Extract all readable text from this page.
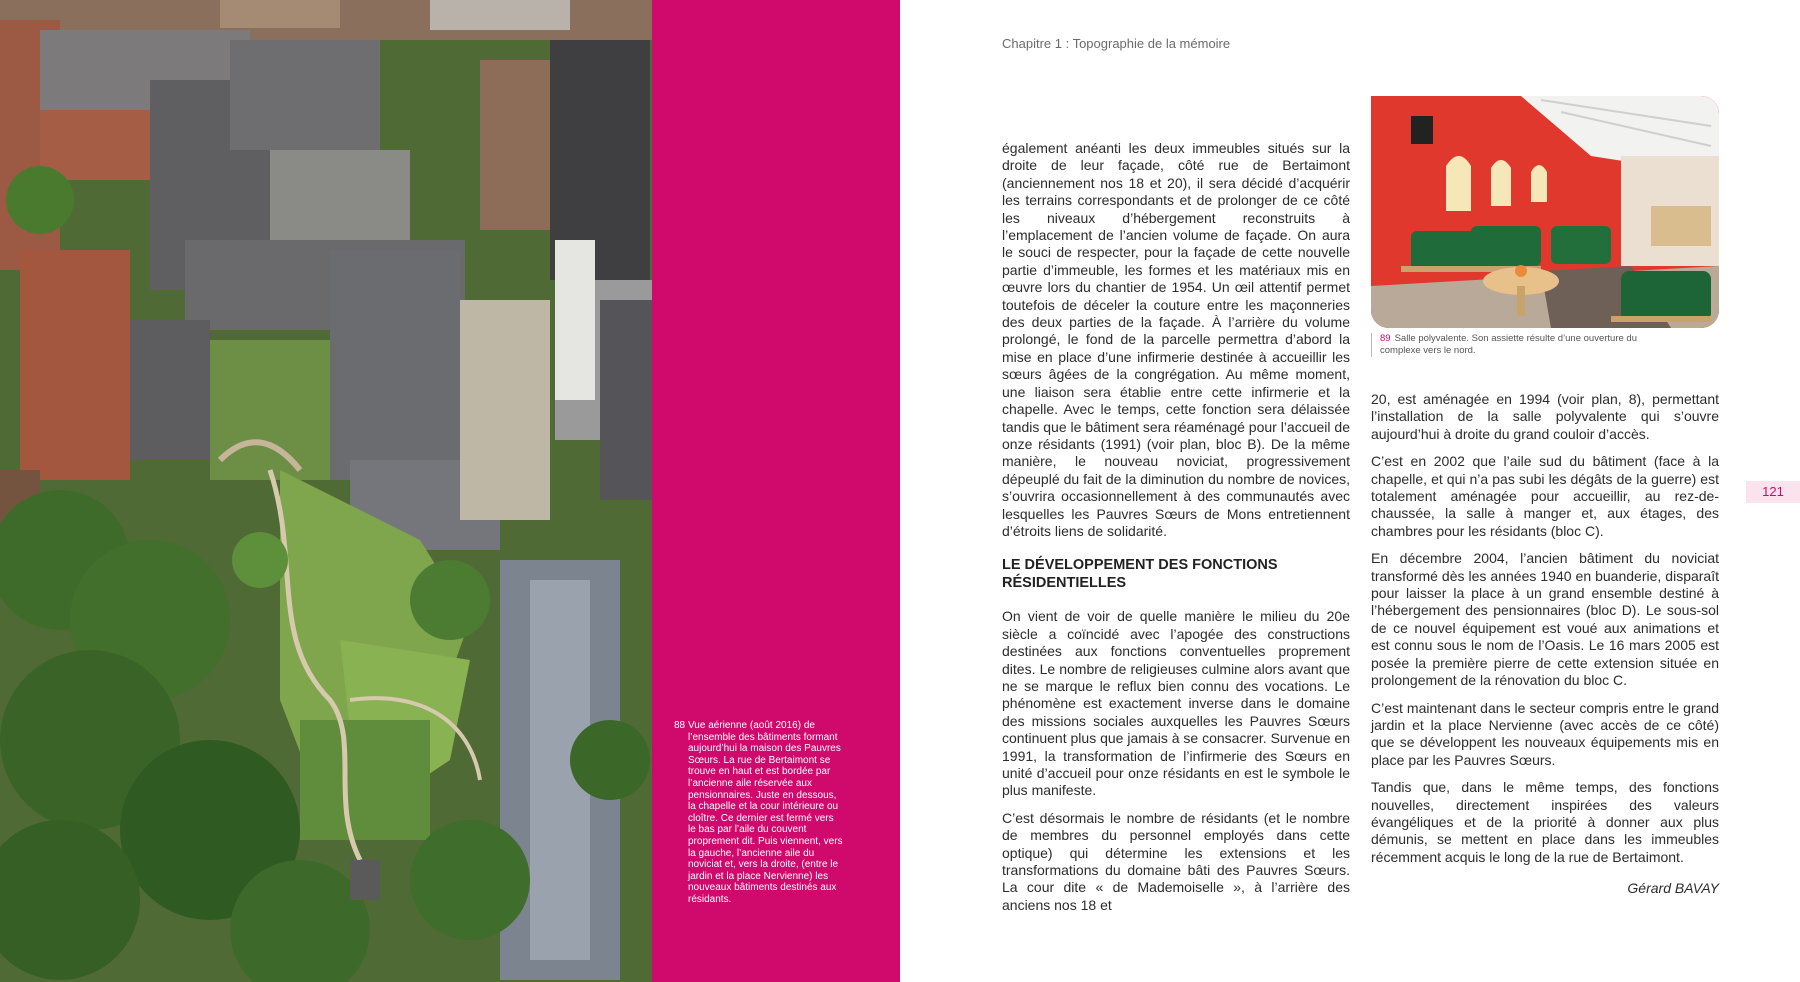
88 Vue aérienne (août 2016) de l’ensemble des bâtiments formant aujourd’hui la maison des Pauvres Sœurs. La rue de Bertaimont se trouve en haut et est bordée par l’ancienne aile réservée aux pensionnaires. Juste en dessous, la chapelle et la cour intérieure ou cloître. Ce dernier est fermé vers le bas par l’aile du couvent proprement dit. Puis viennent, vers la gauche, l’ancienne aile du noviciat et, vers la droite, (entre le jardin et la place Nervienne) les nouveaux bâtiments destinés aux résidants.
Chapitre 1 : Topographie de la mémoire

également anéanti les deux immeubles situés sur la droite de leur façade, côté rue de Bertaimont (anciennement nos 18 et 20), il sera décidé d’acquérir les terrains correspondants et de prolonger de ce côté les niveaux d’hébergement reconstruits à l’emplacement de l’ancien volume de façade. On aura le souci de respecter, pour la façade de cette nouvelle partie d’immeuble, les formes et les matériaux mis en œuvre lors du chantier de 1954. Un œil attentif permet toutefois de déceler la couture entre les maçonneries des deux parties de la façade. À l’arrière du volume prolongé, le fond de la parcelle permettra d’abord la mise en place d’une infirmerie destinée à accueillir les sœurs âgées de la congrégation. Au même moment, une liaison sera établie entre cette infirmerie et la chapelle. Avec le temps, cette fonction sera délaissée tandis que le bâtiment sera réaménagé pour l’accueil de onze résidants (1991) (voir plan, bloc B). De la même manière, le nouveau noviciat, progressivement dépeuplé du fait de la diminution du nombre de novices, s’ouvrira occasionnellement à des communautés avec lesquelles les Pauvres Sœurs de Mons entretiennent d’étroits liens de solidarité.

LE DÉVELOPPEMENT DES FONCTIONS RÉSIDENTIELLES

On vient de voir de quelle manière le milieu du 20e siècle a coïncidé avec l’apogée des constructions destinées aux fonctions conventuelles proprement dites. Le nombre de religieuses culmine alors avant que ne se marque le reflux bien connu des vocations. Le phénomène est exactement inverse dans le domaine des missions sociales auxquelles les Pauvres Sœurs continuent plus que jamais à se consacrer. Survenue en 1991, la transformation de l’infirmerie des Sœurs en unité d’accueil pour onze résidants en est le symbole le plus manifeste.

C’est désormais le nombre de résidants (et le nombre de membres du personnel employés dans cette optique) qui détermine les extensions et les transformations du domaine bâti des Pauvres Sœurs. La cour dite « de Mademoiselle », à l’arrière des anciens nos 18 et

89 Salle polyvalente. Son assiette résulte d’une ouverture du complexe vers le nord.

20, est aménagée en 1994 (voir plan, 8), permettant l’installation de la salle polyvalente qui s’ouvre aujourd’hui à droite du grand couloir d’accès.

C’est en 2002 que l’aile sud du bâtiment (face à la chapelle, et qui n’a pas subi les dégâts de la guerre) est totalement aménagée pour accueillir, au rez-de-chaussée, la salle à manger et, aux étages, des chambres pour les résidants (bloc C).

En décembre 2004, l’ancien bâtiment du noviciat transformé dès les années 1940 en buanderie, disparaît pour laisser la place à un grand ensemble destiné à l’hébergement des pensionnaires (bloc D). Le sous-sol de ce nouvel équipement est voué aux animations et est connu sous le nom de l’Oasis. Le 16 mars 2005 est posée la première pierre de cette extension située en prolongement de la rénovation du bloc C.

C’est maintenant dans le secteur compris entre le grand jardin et la place Nervienne (avec accès de ce côté) que se développent les nouveaux équipements mis en place par les Pauvres Sœurs.

Tandis que, dans le même temps, des fonctions nouvelles, directement inspirées des valeurs évangéliques et de la priorité à donner aux plus démunis, se mettent en place dans les immeubles récemment acquis le long de la rue de Bertaimont.

Gérard BAVAY

121
